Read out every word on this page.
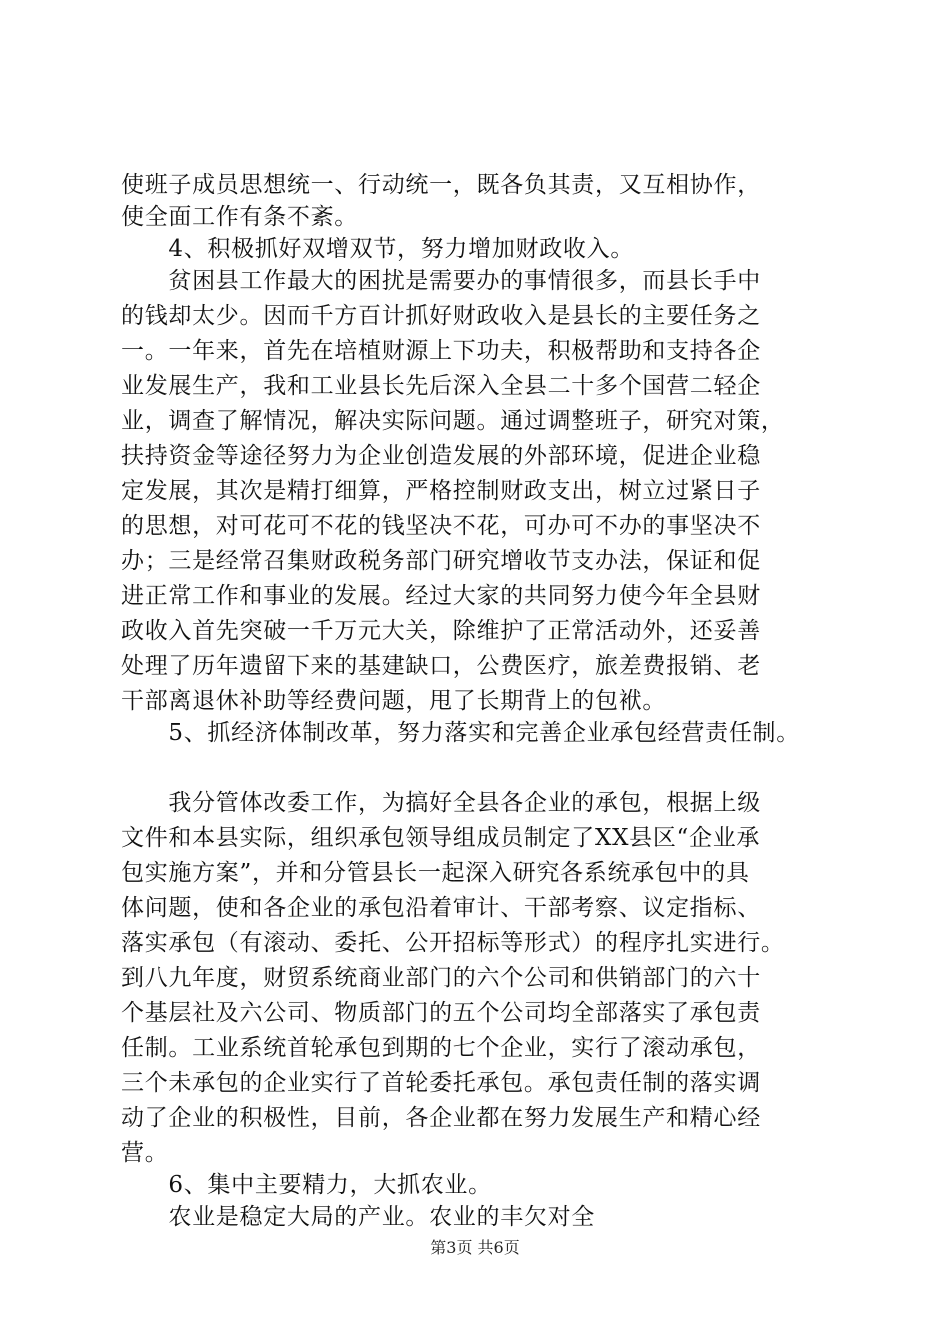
使班子成员思想统一、行动统一，既各负其责，又互相协作，
使全面工作有条不紊。
　　4、积极抓好双增双节，努力增加财政收入。
　　贫困县工作最大的困扰是需要办的事情很多，而县长手中
的钱却太少。因而千方百计抓好财政收入是县长的主要任务之
一。一年来，首先在培植财源上下功夫，积极帮助和支持各企
业发展生产，我和工业县长先后深入全县二十多个国营二轻企
业，调查了解情况，解决实际问题。通过调整班子，研究对策，
扶持资金等途径努力为企业创造发展的外部环境，促进企业稳
定发展，其次是精打细算，严格控制财政支出，树立过紧日子
的思想，对可花可不花的钱坚决不花，可办可不办的事坚决不
办；三是经常召集财政税务部门研究增收节支办法，保证和促
进正常工作和事业的发展。经过大家的共同努力使今年全县财
政收入首先突破一千万元大关，除维护了正常活动外，还妥善
处理了历年遗留下来的基建缺口，公费医疗，旅差费报销、老
干部离退休补助等经费问题，甩了长期背上的包袱。
　　5、抓经济体制改革，努力落实和完善企业承包经营责任制。
　　我分管体改委工作，为搞好全县各企业的承包，根据上级
文件和本县实际，组织承包领导组成员制定了XX县区“企业承
包实施方案”，并和分管县长一起深入研究各系统承包中的具
体问题，使和各企业的承包沿着审计、干部考察、议定指标、
落实承包（有滚动、委托、公开招标等形式）的程序扎实进行。
到八九年度，财贸系统商业部门的六个公司和供销部门的六十
个基层社及六公司、物质部门的五个公司均全部落实了承包责
任制。工业系统首轮承包到期的七个企业，实行了滚动承包，
三个未承包的企业实行了首轮委托承包。承包责任制的落实调
动了企业的积极性，目前，各企业都在努力发展生产和精心经
营。
　　6、集中主要精力，大抓农业。
　　农业是稳定大局的产业。农业的丰欠对全
第3页 共6页
